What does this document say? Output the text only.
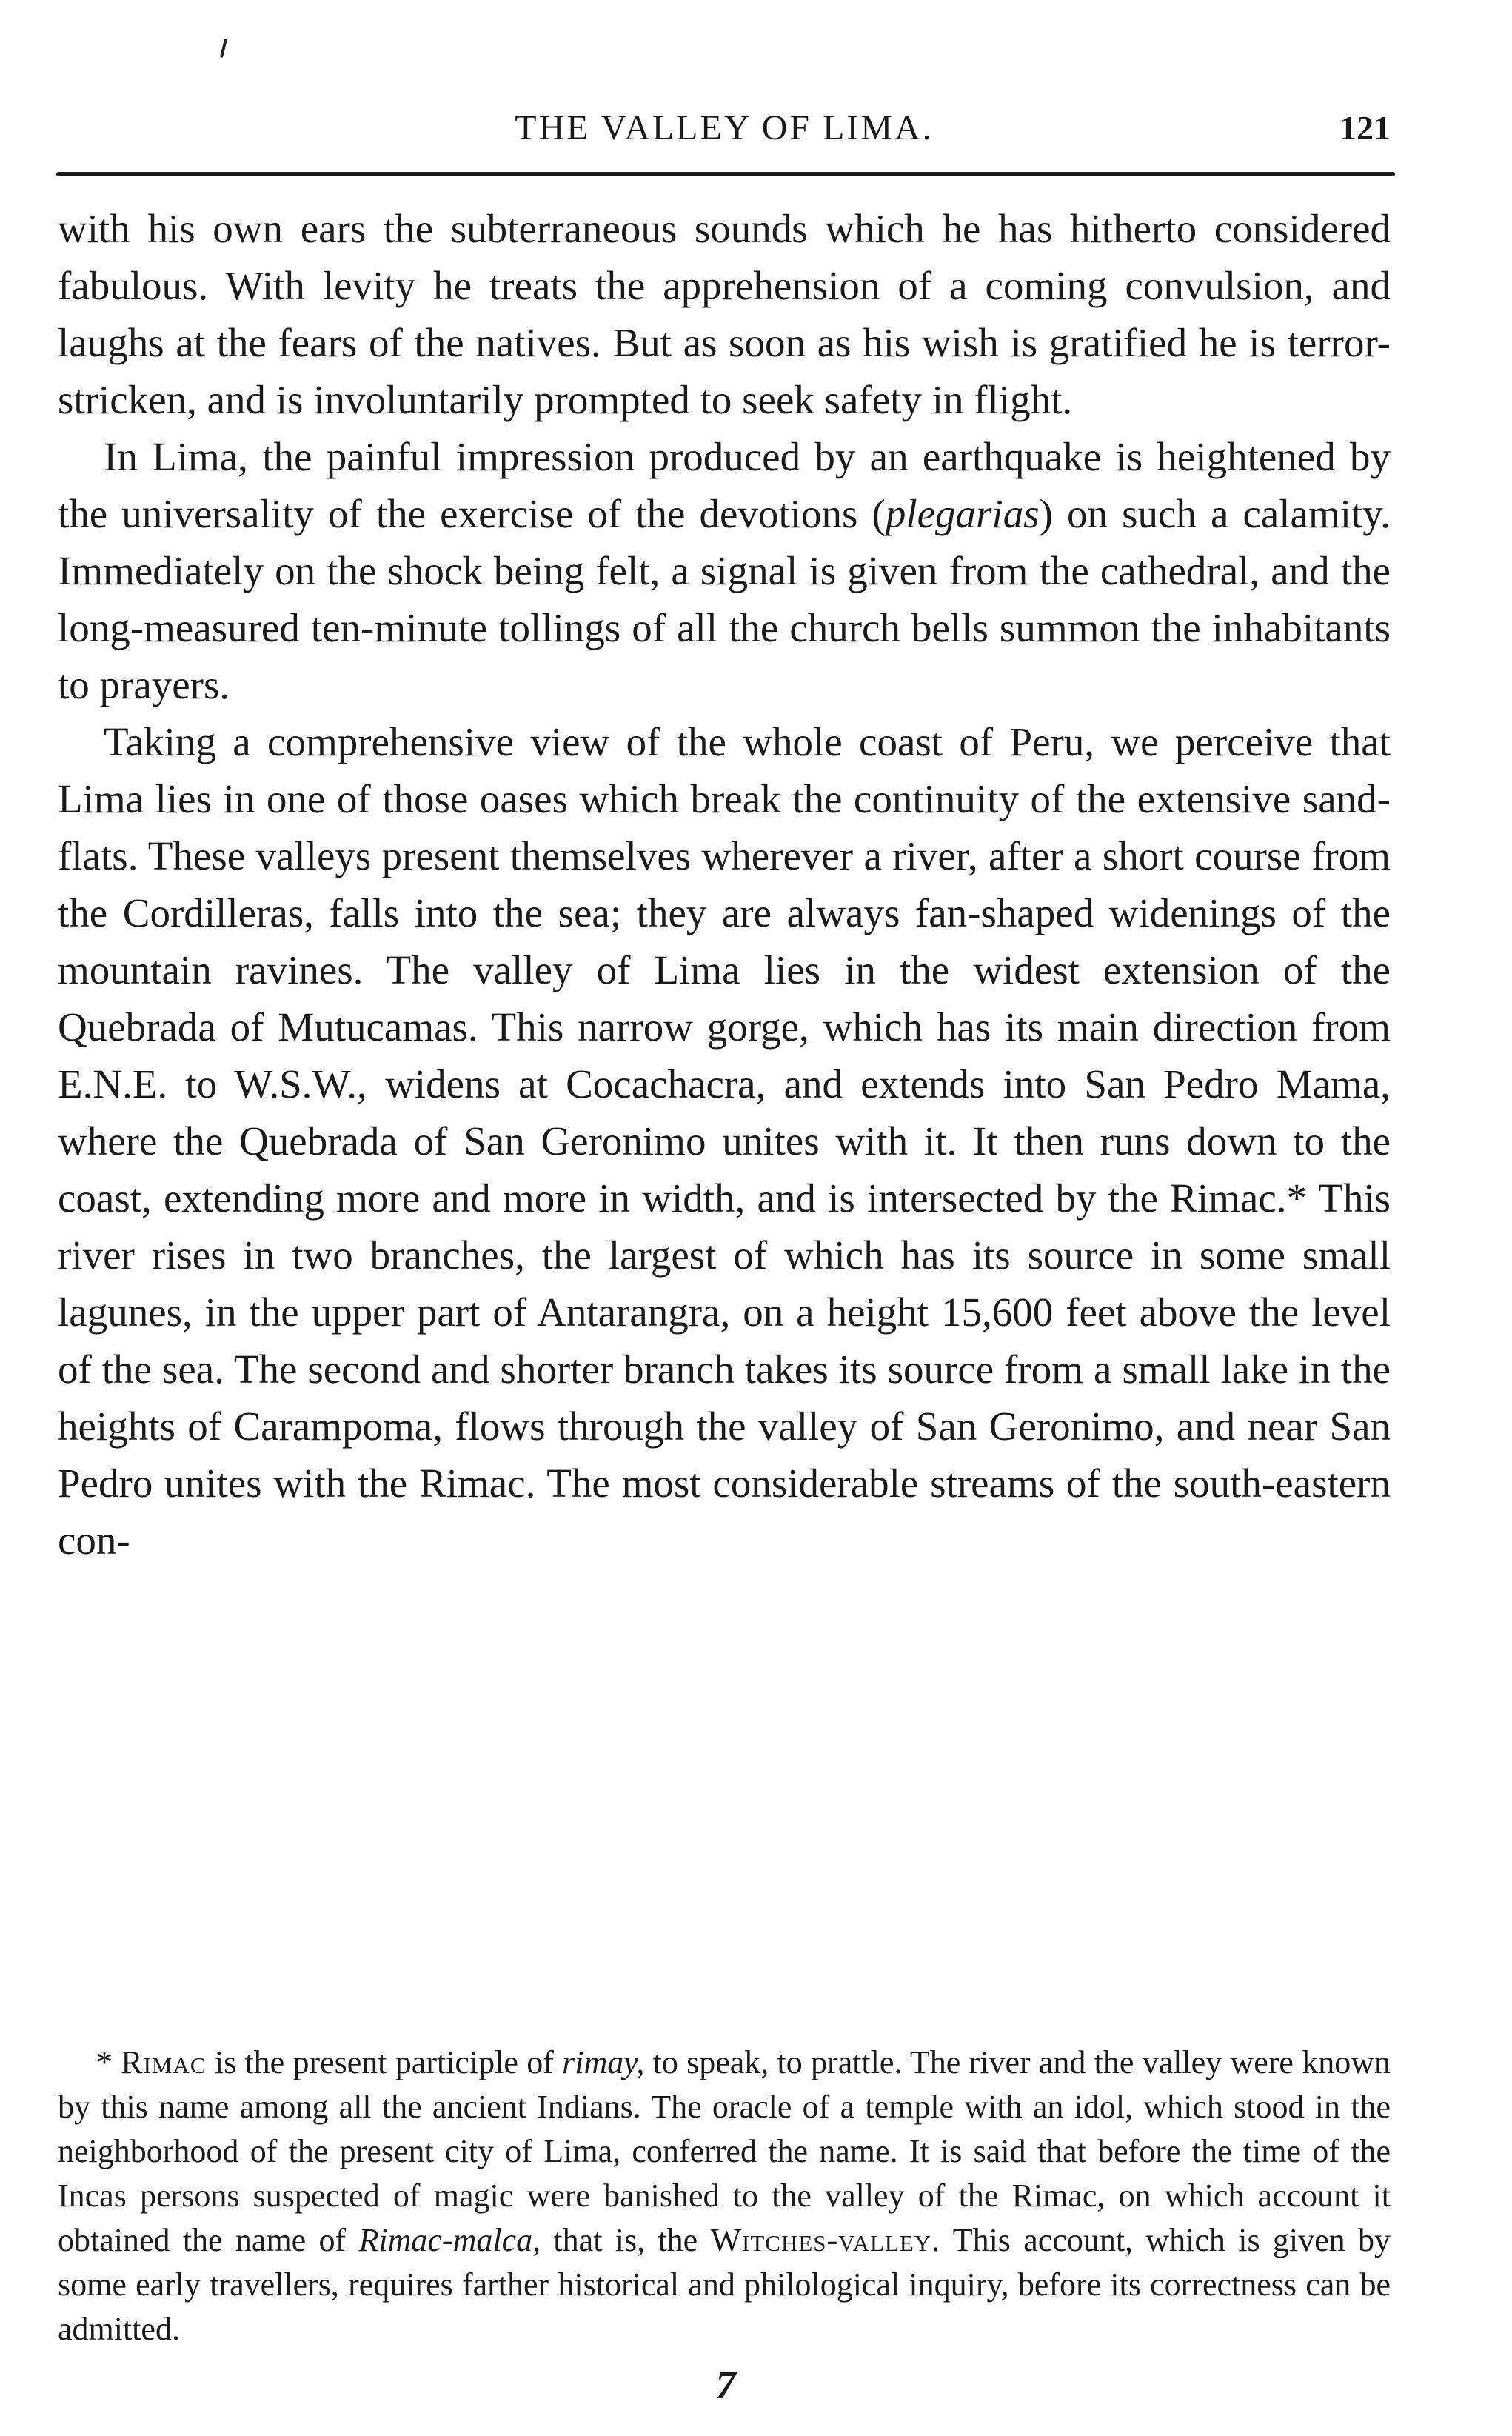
THE VALLEY OF LIMA.	121

with his own ears the subterraneous sounds which he has hitherto considered fabulous. With levity he treats the apprehension of a coming convulsion, and laughs at the fears of the natives. But as soon as his wish is gratified he is terror-stricken, and is involuntarily prompted to seek safety in flight.

In Lima, the painful impression produced by an earthquake is heightened by the universality of the exercise of the devotions (plegarias) on such a calamity. Immediately on the shock being felt, a signal is given from the cathedral, and the long-measured ten-minute tollings of all the church bells summon the inhabitants to prayers.

Taking a comprehensive view of the whole coast of Peru, we perceive that Lima lies in one of those oases which break the continuity of the extensive sand-flats. These valleys present themselves wherever a river, after a short course from the Cordilleras, falls into the sea; they are always fan-shaped widenings of the mountain ravines. The valley of Lima lies in the widest extension of the Quebrada of Mutucamas. This narrow gorge, which has its main direction from E.N.E. to W.S.W., widens at Cocachacra, and extends into San Pedro Mama, where the Quebrada of San Geronimo unites with it. It then runs down to the coast, extending more and more in width, and is intersected by the Rimac.* This river rises in two branches, the largest of which has its source in some small lagunes, in the upper part of Antarangra, on a height 15,600 feet above the level of the sea. The second and shorter branch takes its source from a small lake in the heights of Carampoma, flows through the valley of San Geronimo, and near San Pedro unites with the Rimac. The most considerable streams of the south-eastern con-

* Rimac is the present participle of rimay, to speak, to prattle. The river and the valley were known by this name among all the ancient Indians. The oracle of a temple with an idol, which stood in the neighborhood of the present city of Lima, conferred the name. It is said that before the time of the Incas persons suspected of magic were banished to the valley of the Rimac, on which account it obtained the name of Rimac-malca, that is, the Witches-valley. This account, which is given by some early travellers, requires farther historical and philological inquiry, before its correctness can be admitted.

7
